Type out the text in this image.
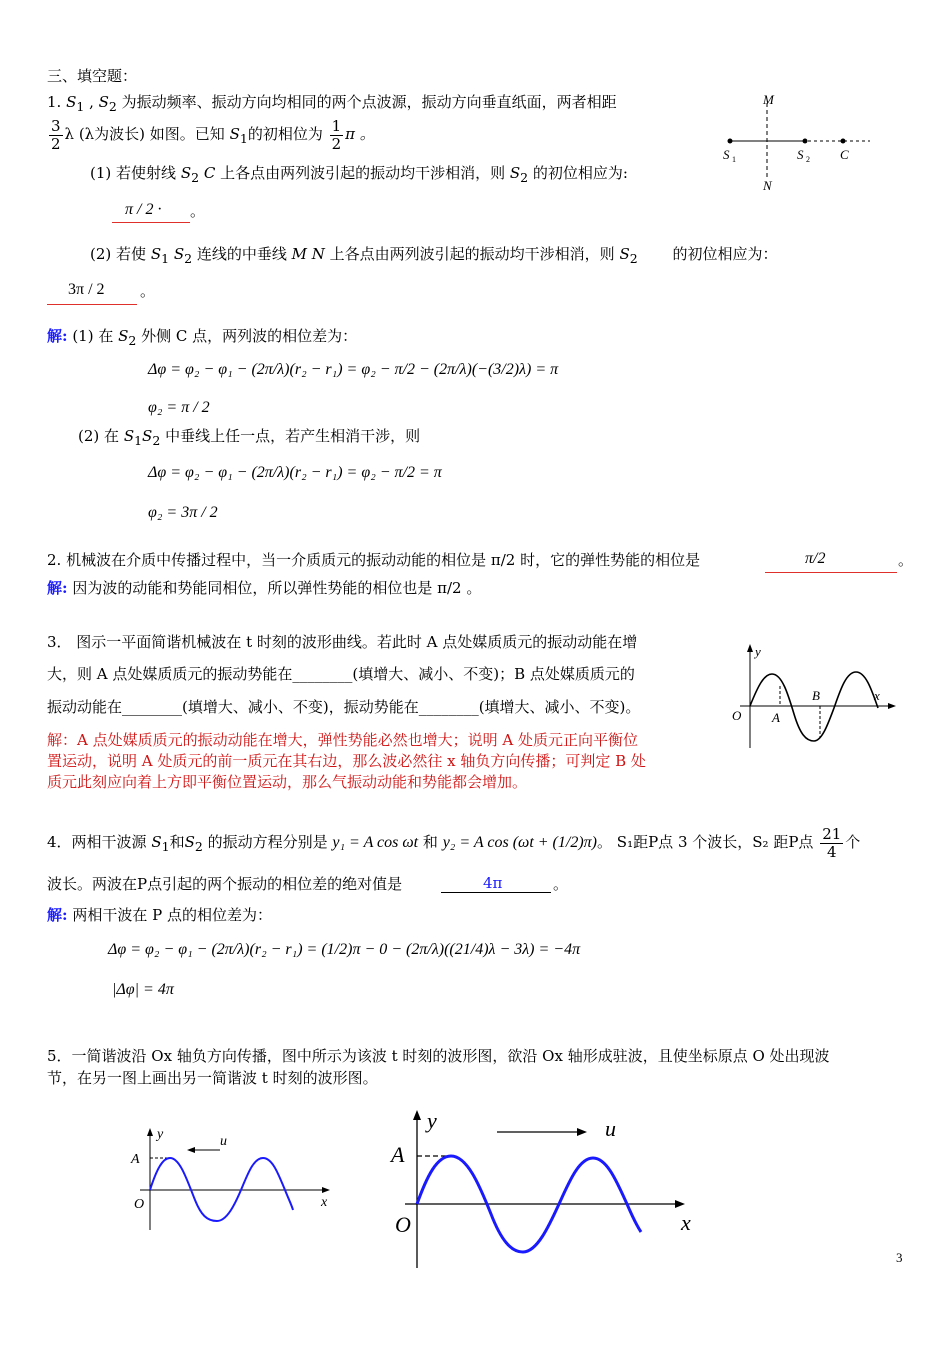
三、填空题：
1. $S_1$ , $S_2$ 为振动频率、振动方向均相同的两个点波源，振动方向垂直纸面，两者相距
$\frac{3}{2}$ λ (λ为波长) 如图。已知 $S_1$的初相位为 $\frac{1}{2}$ π 。
(1) 若使射线 $S_2$ C 上各点由两列波引起的振动均干涉相消，则 $S_2$ 的初位相应为:
π / 2 · 。
(2) 若使 $S_1$ $S_2$ 连线的中垂线 M N 上各点由两列波引起的振动均干涉相消，则 $S_2$ 的初位相应为：
3π / 2 。
M
N
S 1	S 2 C
解: (1) 在 $S_2$ 外侧 C 点，两列波的相位差为：
Δφ = φ₂ − φ₁ − (2π/λ)(r₂ − r₁) = φ₂ − π/2 − (2π/λ)(−(3/2)λ) = π
φ₂ = π / 2
(2) 在 $S_1S_2$ 中垂线上任一点，若产生相消干涉，则
Δφ = φ₂ − φ₁ − (2π/λ)(r₂ − r₁) = φ₂ − π/2 = π
φ₂ = 3π / 2
2. 机械波在介质中传播过程中，当一介质质元的振动动能的相位是 π/2 时，它的弹性势能的相位是	π/2	。
解: 因为波的动能和势能同相位，所以弹性势能的相位也是 π/2 。
3． 图示一平面简谐机械波在 t 时刻的波形曲线。若此时 A 点处媒质质元的振动动能在增
大，则 A 点处媒质质元的振动势能在________(填增大、减小、不变)；B 点处媒质质元的
振动动能在________(填增大、减小、不变)，振动势能在________(填增大、减小、不变)。
解：A 点处媒质质元的振动动能在增大，弹性势能必然也增大；说明 A 处质元正向平衡位
置运动，说明 A 处质元的前一质元在其右边，那么波必然往 x 轴负方向传播；可判定 B 处
质元此刻应向着上方即平衡位置运动，那么气振动动能和势能都会增加。
y
x
O A
B
4．两相干波源 $S_1$和$S_2$ 的振动方程分别是 y₁ = A cos ωt 和 y₂ = A cos (ωt + (1/2)π)。 S₁距P点 3 个波长，S₂ 距P点 $\frac{21}{4}$ 个
波长。两波在P点引起的两个振动的相位差的绝对值是	4π	。
解: 两相干波在 P 点的相位差为：
Δφ = φ₂ − φ₁ − (2π/λ)(r₂ − r₁) = (1/2)π − 0 − (2π/λ)((21/4)λ − 3λ) = −4π
|Δφ| = 4π
5．一简谐波沿 Ox 轴负方向传播，图中所示为该波 t 时刻的波形图，欲沿 Ox 轴形成驻波，且使坐标原点 O 处出现波
节，在另一图上画出另一简谐波 t 时刻的波形图。
y	u
A
O	x
y	u
A
O	x
3
